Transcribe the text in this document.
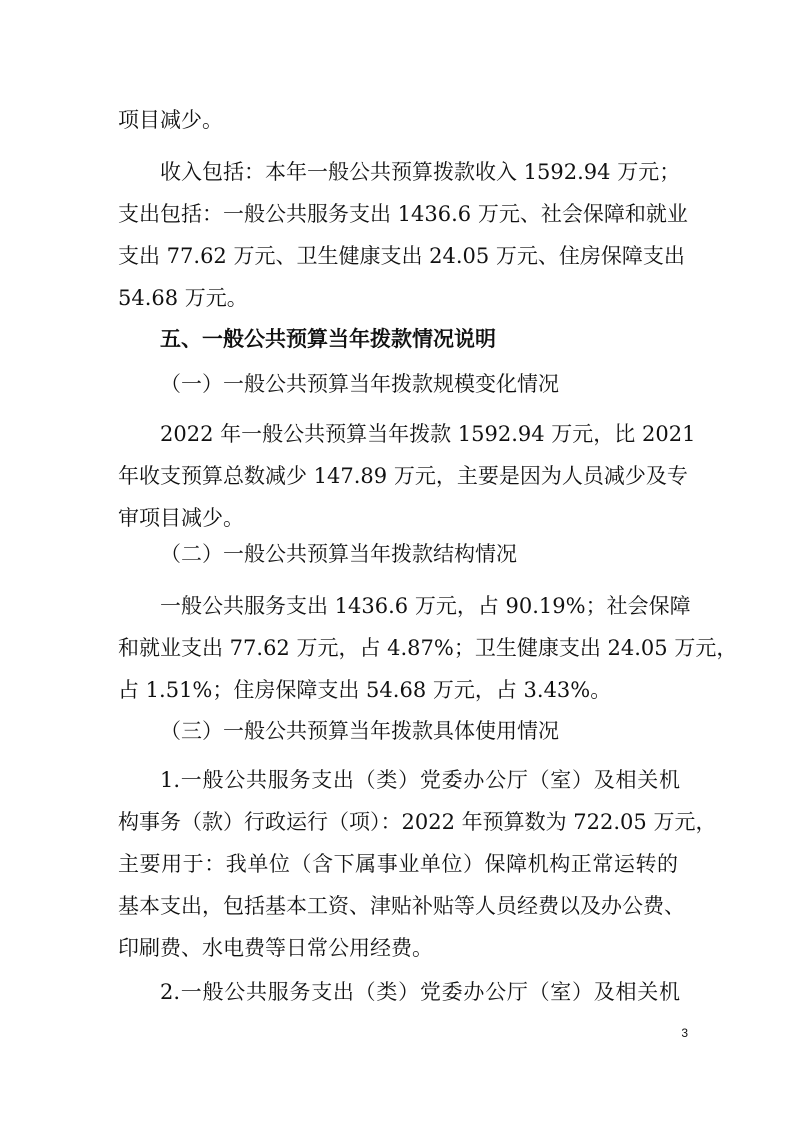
项目减少。
收入包括：本年一般公共预算拨款收入 1592.94 万元；
支出包括：一般公共服务支出 1436.6 万元、社会保障和就业
支出 77.62 万元、卫生健康支出 24.05 万元、住房保障支出
54.68 万元。
五、一般公共预算当年拨款情况说明
（一）一般公共预算当年拨款规模变化情况
2022 年一般公共预算当年拨款 1592.94 万元，比 2021
年收支预算总数减少 147.89 万元，主要是因为人员减少及专
审项目减少。
（二）一般公共预算当年拨款结构情况
一般公共服务支出 1436.6 万元，占 90.19%；社会保障
和就业支出 77.62 万元，占 4.87%；卫生健康支出 24.05 万元，
占 1.51%；住房保障支出 54.68 万元，占 3.43%。
（三）一般公共预算当年拨款具体使用情况
1.一般公共服务支出（类）党委办公厅（室）及相关机
构事务（款）行政运行（项）：2022 年预算数为 722.05 万元，
主要用于：我单位（含下属事业单位）保障机构正常运转的
基本支出，包括基本工资、津贴补贴等人员经费以及办公费、
印刷费、水电费等日常公用经费。
2.一般公共服务支出（类）党委办公厅（室）及相关机
3
